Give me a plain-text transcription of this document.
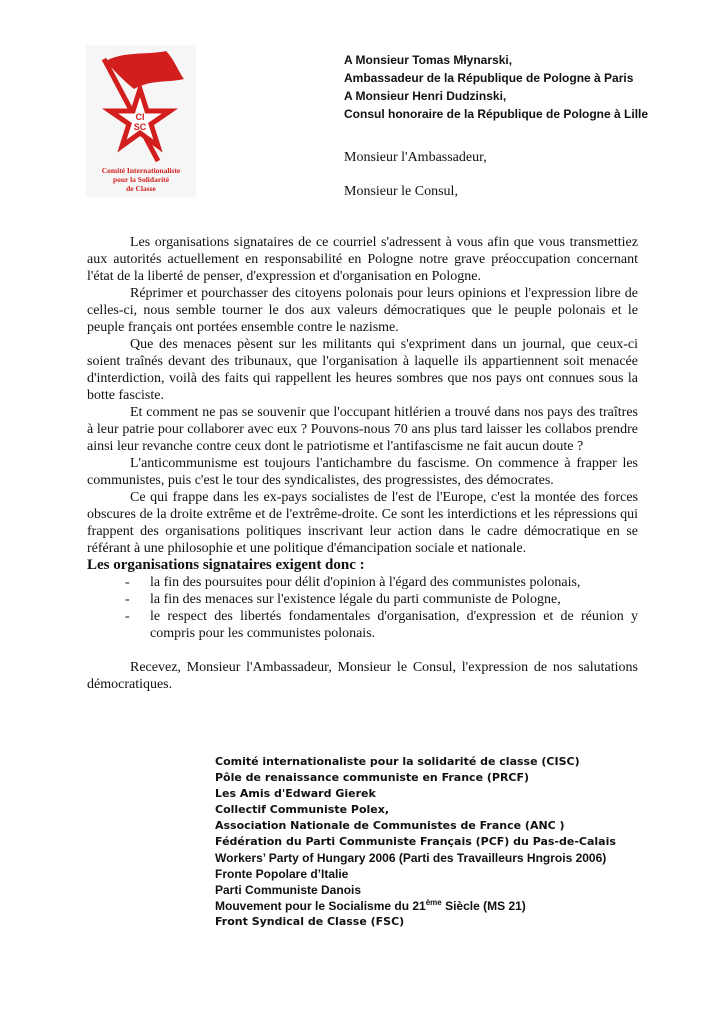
CI
SC
Comité Internationaliste
pour la Solidarité
de Classe
A Monsieur Tomas Młynarski,
Ambassadeur de la République de Pologne à Paris
A Monsieur Henri Dudzinski,
Consul honoraire de la République de Pologne à Lille
Monsieur l'Ambassadeur,
Monsieur le Consul,

Les organisations signataires de ce courriel s'adressent à vous afin que vous transmettiez aux autorités actuellement en responsabilité en Pologne notre grave préoccupation concernant l'état de la liberté de penser, d'expression et d'organisation en Pologne.

Réprimer et pourchasser des citoyens polonais pour leurs opinions et l'expression libre de celles-ci, nous semble tourner le dos aux valeurs démocratiques que le peuple polonais et le peuple français ont portées ensemble contre le nazisme.

Que des menaces pèsent sur les militants qui s'expriment dans un journal, que ceux-ci soient traînés devant des tribunaux, que l'organisation à laquelle ils appartiennent soit menacée d'interdiction, voilà des faits qui rappellent les heures sombres que nos pays ont connues sous la botte fasciste.

Et comment ne pas se souvenir que l'occupant hitlérien a trouvé dans nos pays des traîtres à leur patrie pour collaborer avec eux ? Pouvons-nous 70 ans plus tard laisser les collabos prendre ainsi leur revanche contre ceux dont le patriotisme et l'antifascisme ne fait aucun doute ?

L'anticommunisme est toujours l'antichambre du fascisme. On commence à frapper les communistes, puis c'est le tour des syndicalistes, des progressistes, des démocrates.

Ce qui frappe dans les ex-pays socialistes de l'est de l'Europe, c'est la montée des forces obscures de la droite extrême et de l'extrême-droite. Ce sont les interdictions et les répressions qui frappent des organisations politiques inscrivant leur action dans le cadre démocratique en se référant à une philosophie et une politique d'émancipation sociale et nationale.

Les organisations signataires exigent donc :
- la fin des poursuites pour délit d'opinion à l'égard des communistes polonais,
- la fin des menaces sur l'existence légale du parti communiste de Pologne,
- le respect des libertés fondamentales d'organisation, d'expression et de réunion y compris pour les communistes polonais.

Recevez, Monsieur l'Ambassadeur, Monsieur le Consul, l'expression de nos salutations démocratiques.

Comité internationaliste pour la solidarité de classe (CISC)
Pôle de renaissance communiste en France (PRCF)
Les Amis d'Edward Gierek
Collectif Communiste Polex,
Association Nationale de Communistes de France (ANC )
Fédération du Parti Communiste Français (PCF) du Pas-de-Calais
Workers’ Party of Hungary 2006 (Parti des Travailleurs Hngrois 2006)
Fronte Popolare d’Italie
Parti Communiste Danois
Mouvement pour le Socialisme du 21ème Siècle (MS 21)
Front Syndical de Classe (FSC)
